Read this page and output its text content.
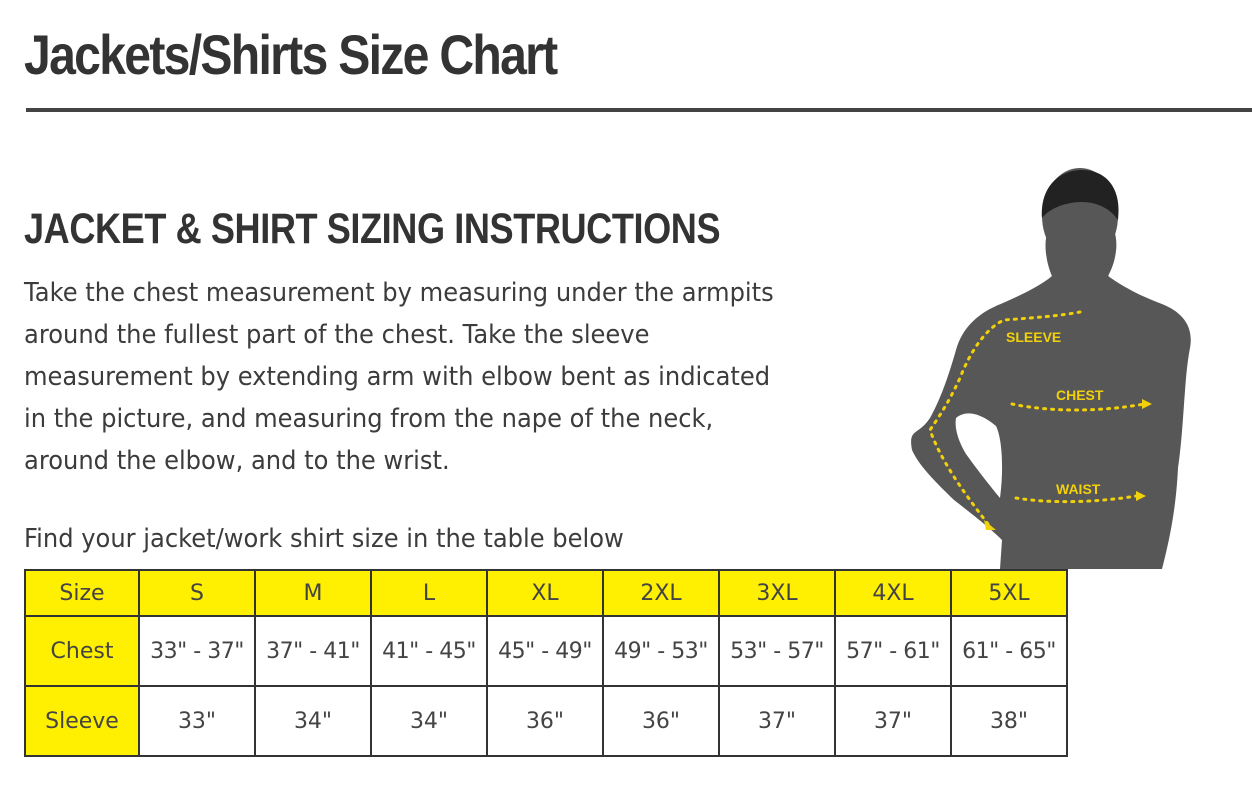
Jackets/Shirts Size Chart
JACKET & SHIRT SIZING INSTRUCTIONS

Take the chest measurement by measuring under the armpits
around the fullest part of the chest. Take the sleeve
measurement by extending arm with elbow bent as indicated
in the picture, and measuring from the nape of the neck,
around the elbow, and to the wrist.

Find your jacket/work shirt size in the table below

SLEEVE
CHEST
WAIST
Size	S	M	L	XL	2XL	3XL	4XL	5XL
Chest	33" - 37"	37" - 41"	41" - 45"	45" - 49"	49" - 53"	53" - 57"	57" - 61"	61" - 65"
Sleeve	33"	34"	34"	36"	36"	37"	37"	38"
